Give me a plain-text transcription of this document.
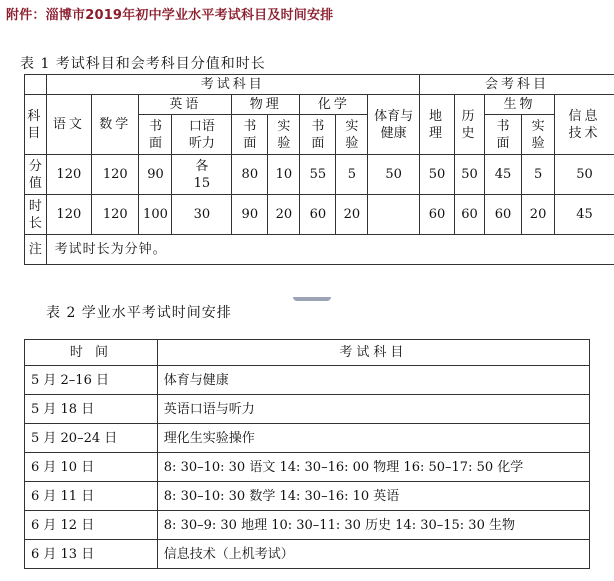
附件：淄博市2019年初中学业水平考试科目及时间安排
表 1 考试科目和会考科目分值和时长
	考试科目									会考科目				
科目	语文	数学	英语		物理		化学		体育与健康	地理	历史	生物		信息技术
			书面	口语听力	书面	实验	书面	实验				书面	实验	
分值	120	120	90	各15	80	10	55	5	50	50	50	45	5	50
时长	120	120	100	30	90	20	60	20		60	60	60	20	45
注	考试时长为分钟。													
表 2 学业水平考试时间安排
时 间	考试科目
5 月 2–16 日	体育与健康
5 月 18 日	英语口语与听力
5 月 20–24 日	理化生实验操作
6 月 10 日	8: 30–10: 30 语文 14: 30–16: 00 物理 16: 50–17: 50 化学
6 月 11 日	8: 30–10: 30 数学 14: 30–16: 10 英语
6 月 12 日	8: 30–9: 30 地理 10: 30–11: 30 历史 14: 30–15: 30 生物
6 月 13 日	信息技术（上机考试）
